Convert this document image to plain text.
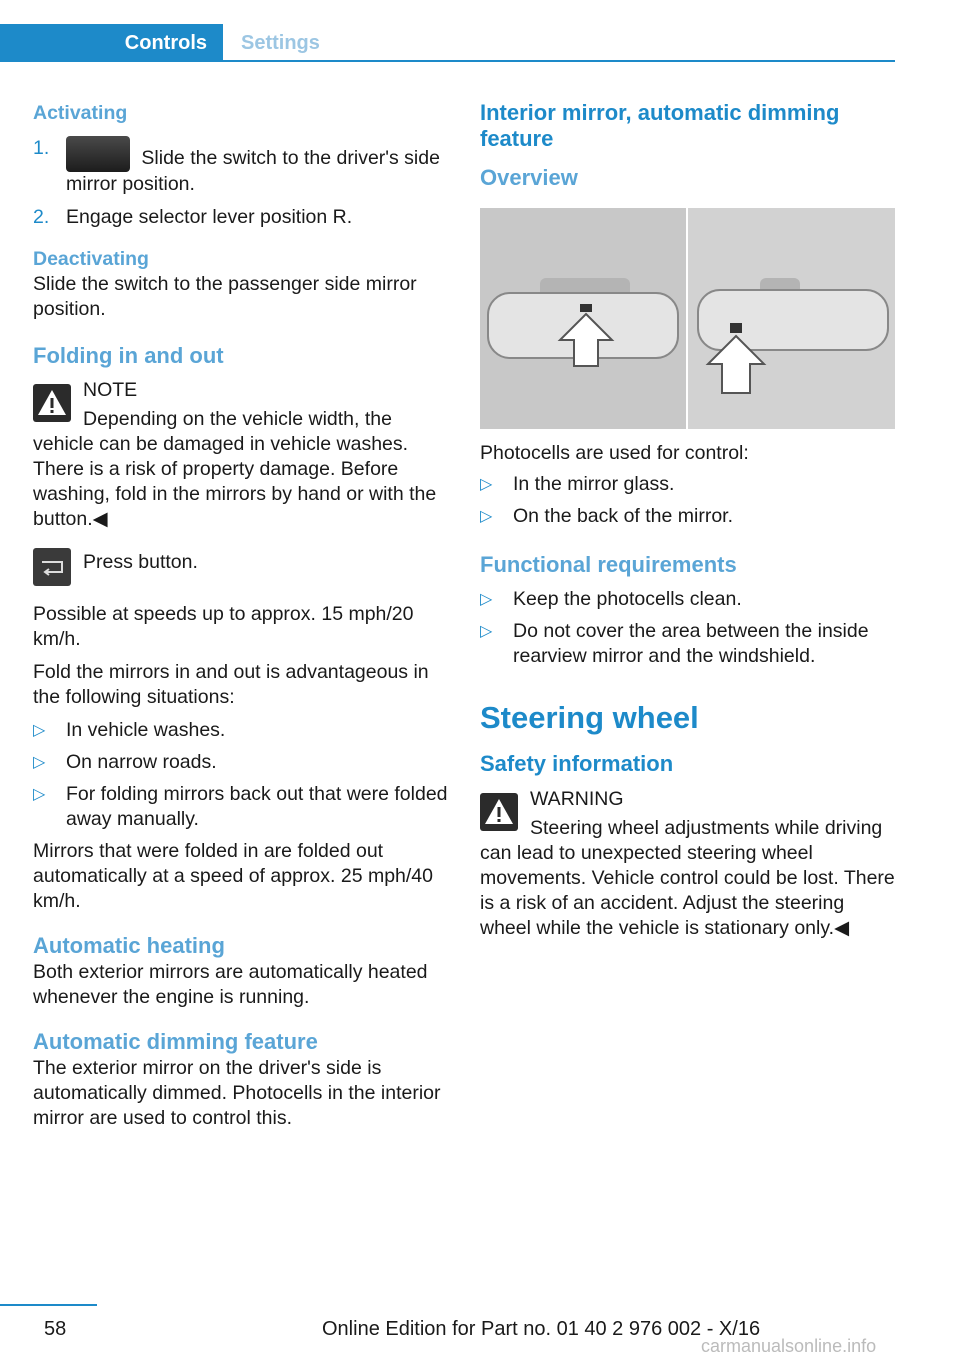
Controls	Settings

Activating

1.	Slide the switch to the driver's side mirror position.
2. Engage selector lever position R.

Deactivating

Slide the switch to the passenger side mirror position.

Folding in and out

NOTE

Depending on the vehicle width, the vehicle can be damaged in vehicle washes. There is a risk of property damage. Before washing, fold in the mirrors by hand or with the button.◀

Press button.

Possible at speeds up to approx. 15 mph/20 km/h.

Fold the mirrors in and out is advantageous in the following situations:

▷ In vehicle washes.
▷ On narrow roads.
▷ For folding mirrors back out that were folded away manually.

Mirrors that were folded in are folded out automatically at a speed of approx. 25 mph/40 km/h.

Automatic heating

Both exterior mirrors are automatically heated whenever the engine is running.

Automatic dimming feature

The exterior mirror on the driver's side is automatically dimmed. Photocells in the interior mirror are used to control this.

Interior mirror, automatic dimming feature

Overview

Photocells are used for control:

▷ In the mirror glass.
▷ On the back of the mirror.

Functional requirements

▷ Keep the photocells clean.
▷ Do not cover the area between the inside rearview mirror and the windshield.

Steering wheel

Safety information

WARNING

Steering wheel adjustments while driving can lead to unexpected steering wheel movements. Vehicle control could be lost. There is a risk of an accident. Adjust the steering wheel while the vehicle is stationary only.◀

58	Online Edition for Part no. 01 40 2 976 002 - X/16
carmanualsonline.info
